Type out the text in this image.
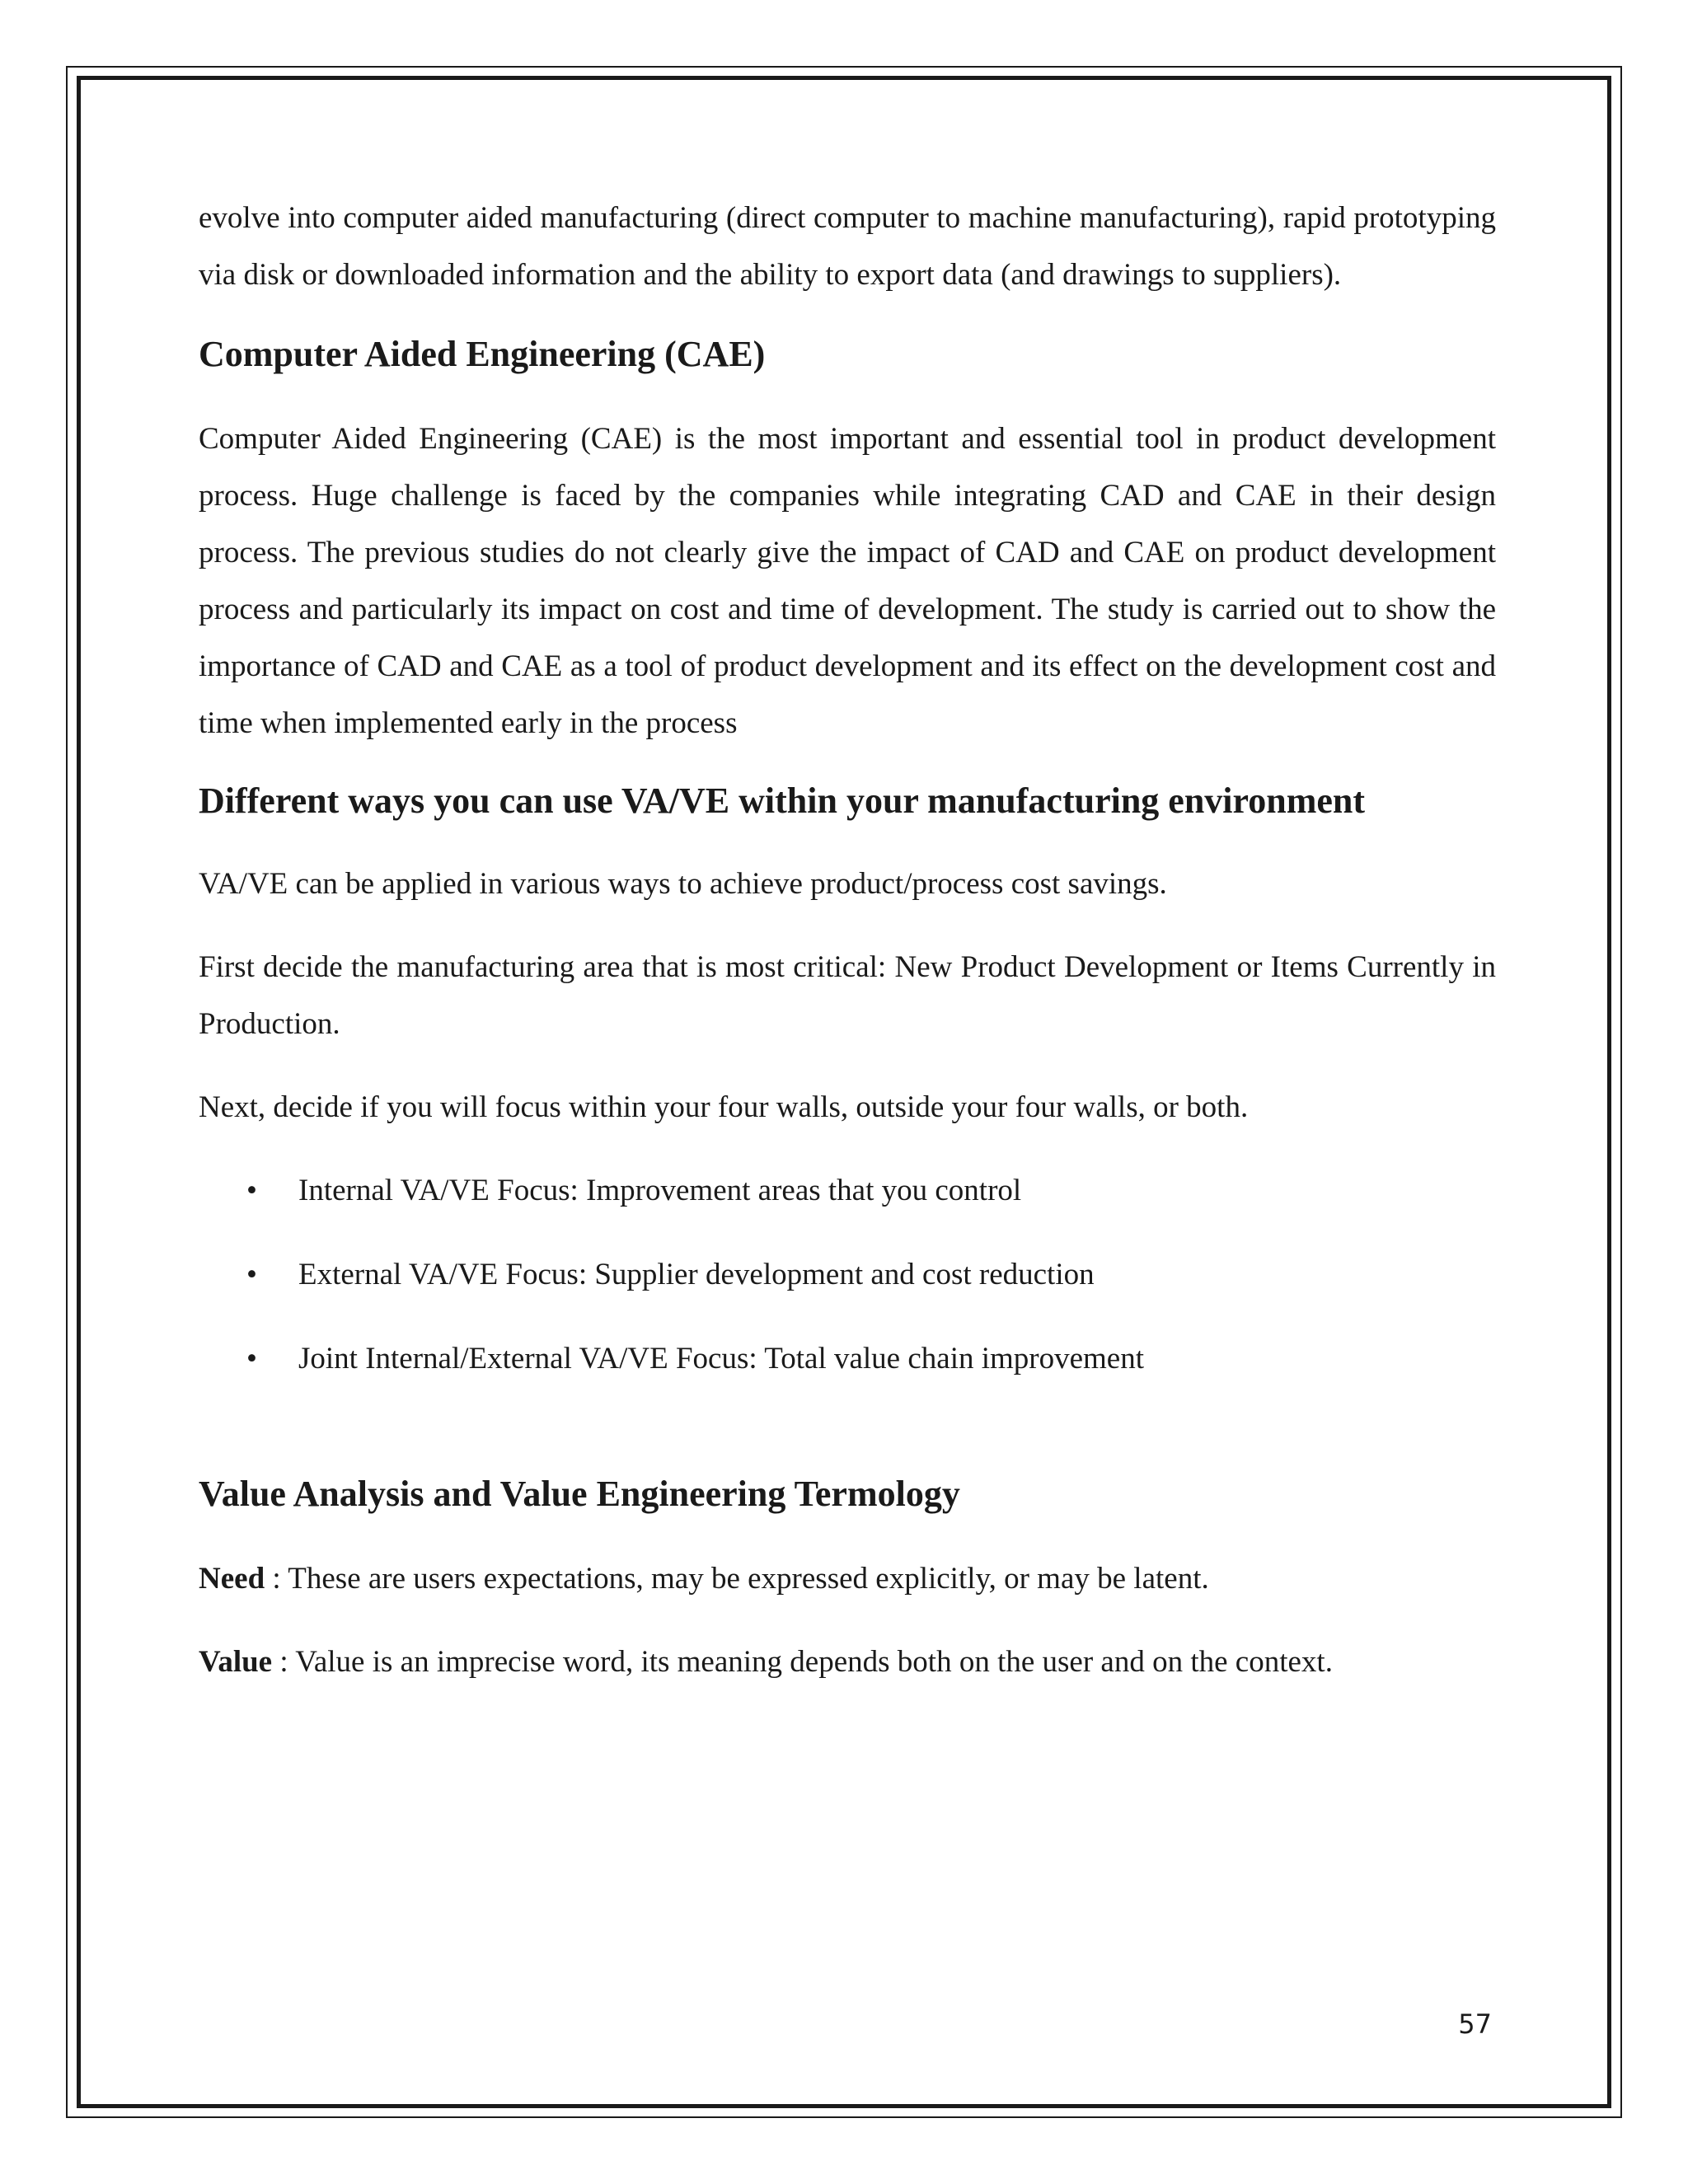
evolve into computer aided manufacturing (direct computer to machine manufacturing), rapid prototyping via disk or downloaded information and the ability to export data (and drawings to suppliers).

Computer Aided Engineering (CAE)

Computer Aided Engineering (CAE) is the most important and essential tool in product development process. Huge challenge is faced by the companies while integrating CAD and CAE in their design process. The previous studies do not clearly give the impact of CAD and CAE on product development process and particularly its impact on cost and time of development. The study is carried out to show the importance of CAD and CAE as a tool of product development and its effect on the development cost and time when implemented early in the process

Different ways you can use VA/VE within your manufacturing environment

VA/VE can be applied in various ways to achieve product/process cost savings.

First decide the manufacturing area that is most critical: New Product Development or Items Currently in Production.

Next, decide if you will focus within your four walls, outside your four walls, or both.

• Internal VA/VE Focus: Improvement areas that you control
• External VA/VE Focus: Supplier development and cost reduction
• Joint Internal/External VA/VE Focus: Total value chain improvement
Value Analysis and Value Engineering Termology

Need : These are users expectations, may be expressed explicitly, or may be latent.

Value : Value is an imprecise word, its meaning depends both on the user and on the context.

57
